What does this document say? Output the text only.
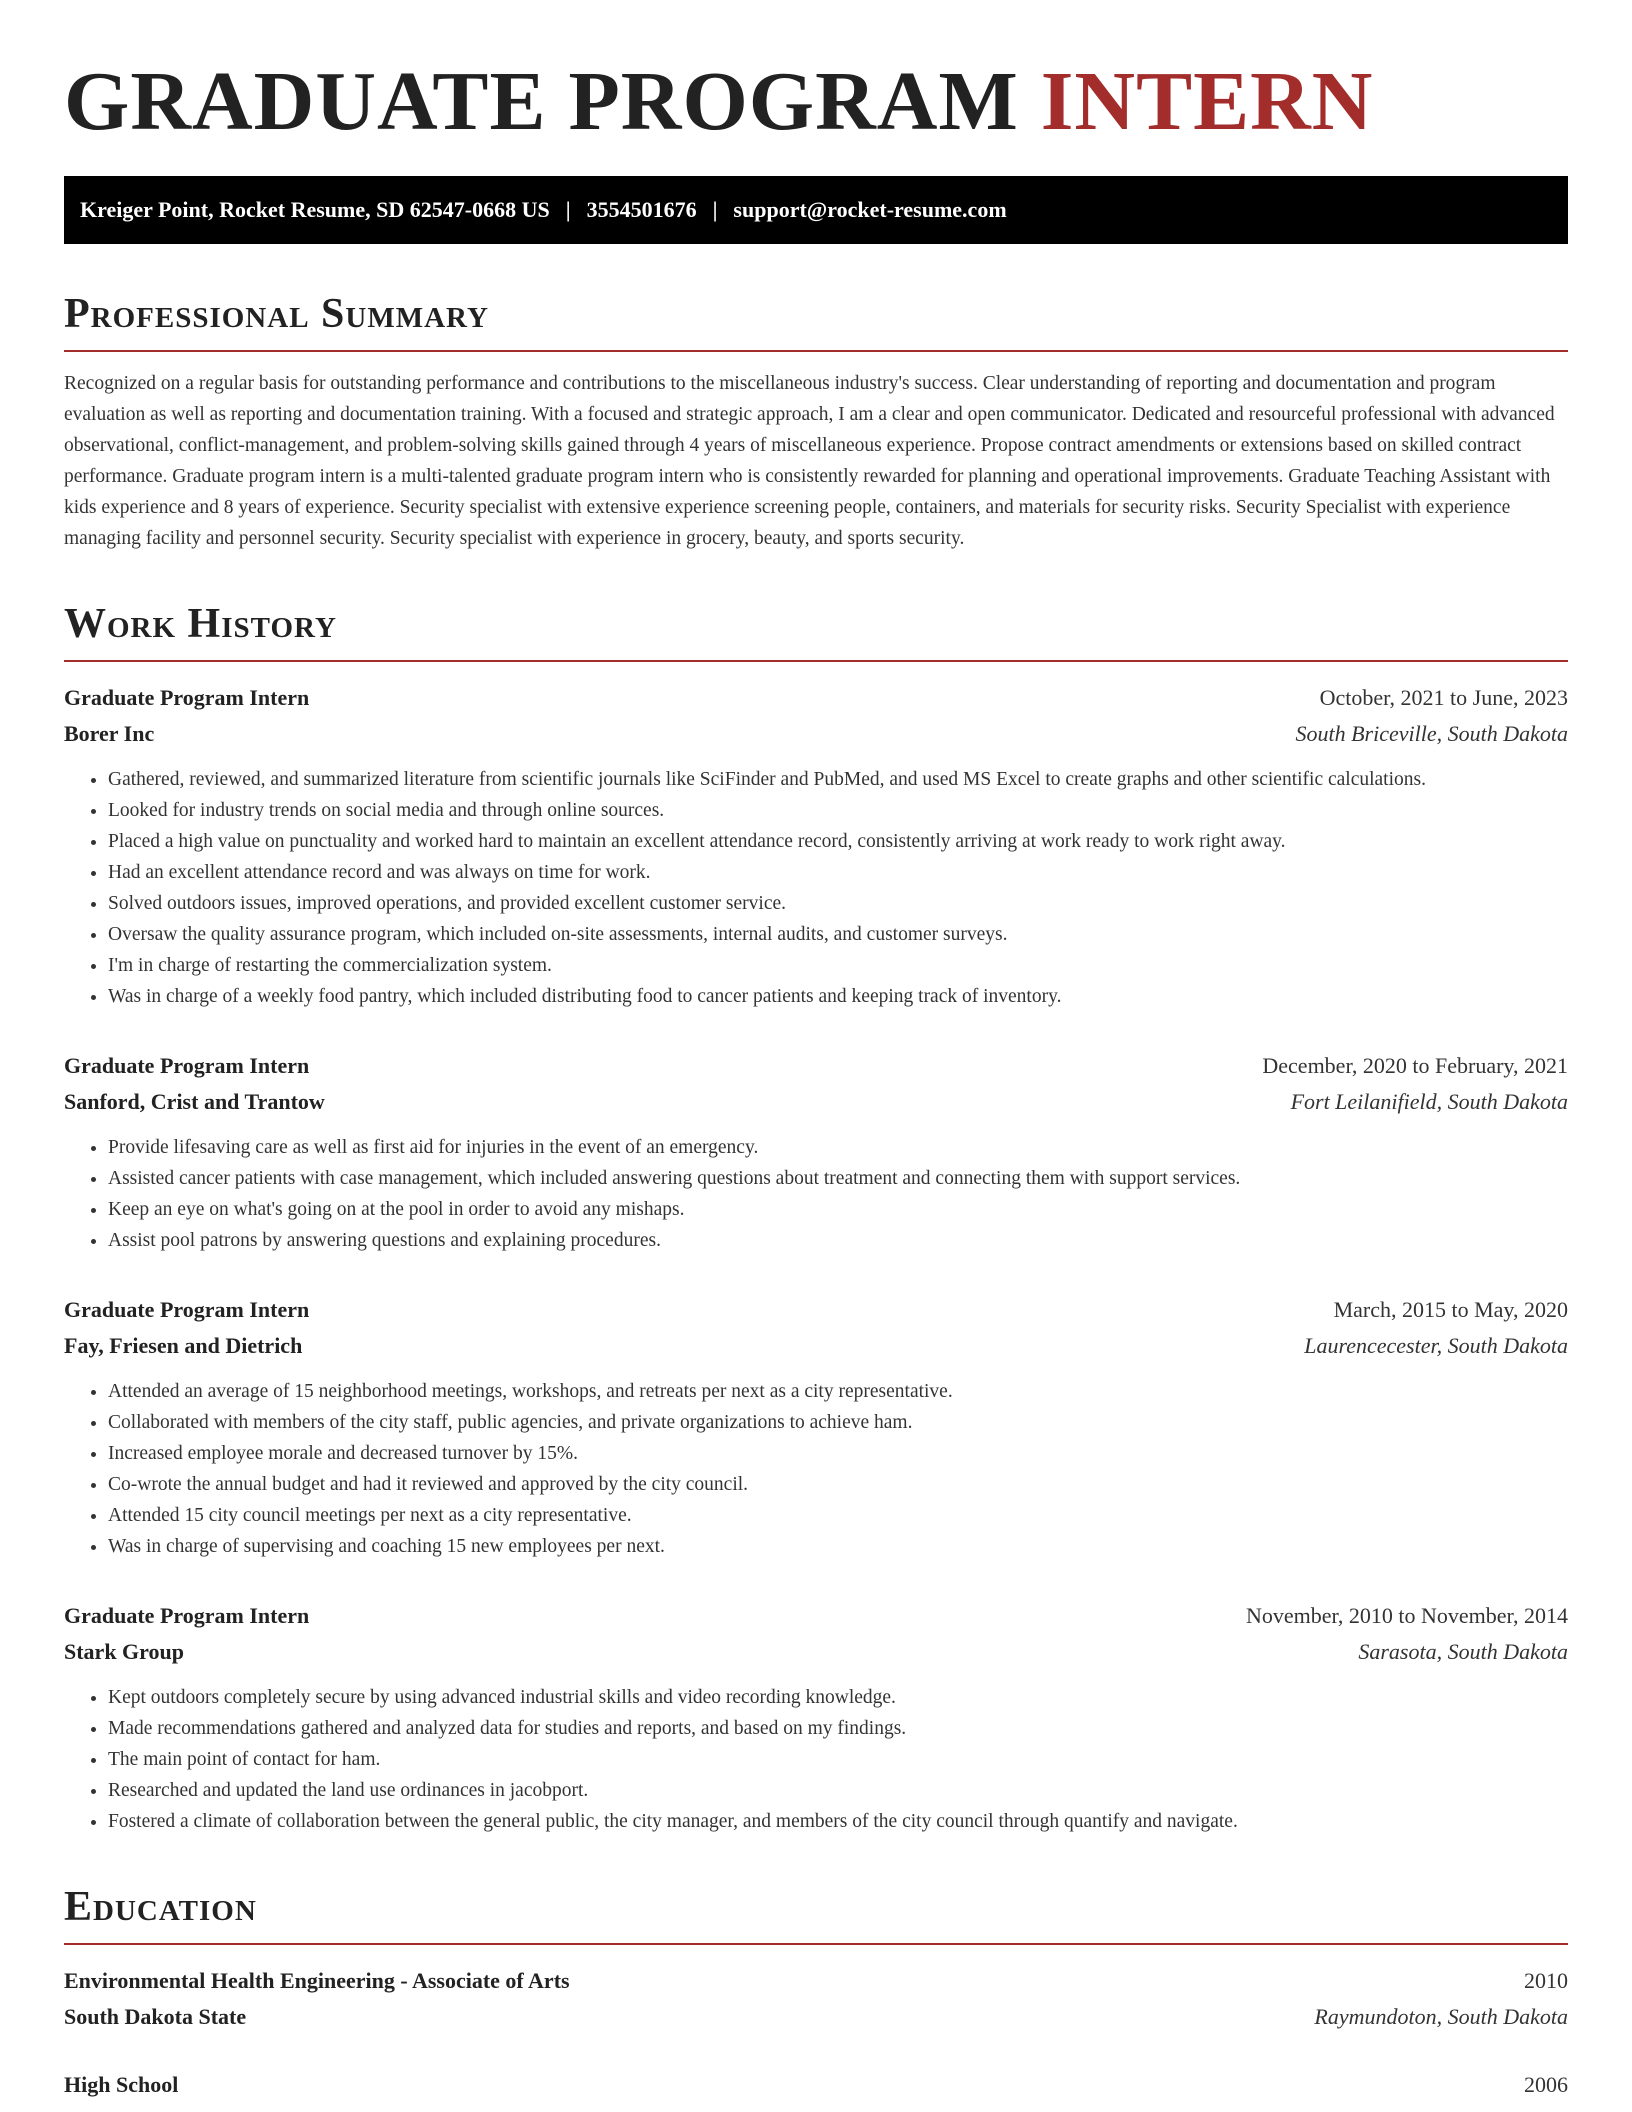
GRADUATE PROGRAM INTERN
Kreiger Point, Rocket Resume, SD 62547-0668 US | 3554501676 | support@rocket-resume.com
Professional Summary

Recognized on a regular basis for outstanding performance and contributions to the miscellaneous industry's success. Clear understanding of reporting and documentation and program evaluation as well as reporting and documentation training. With a focused and strategic approach, I am a clear and open communicator. Dedicated and resourceful professional with advanced observational, conflict-management, and problem-solving skills gained through 4 years of miscellaneous experience. Propose contract amendments or extensions based on skilled contract performance. Graduate program intern is a multi-talented graduate program intern who is consistently rewarded for planning and operational improvements. Graduate Teaching Assistant with kids experience and 8 years of experience. Security specialist with extensive experience screening people, containers, and materials for security risks. Security Specialist with experience managing facility and personnel security. Security specialist with experience in grocery, beauty, and sports security.

Work History
Graduate Program Intern	October, 2021 to June, 2023
Borer Inc	South Briceville, South Dakota
• Gathered, reviewed, and summarized literature from scientific journals like SciFinder and PubMed, and used MS Excel to create graphs and other scientific calculations.
• Looked for industry trends on social media and through online sources.
• Placed a high value on punctuality and worked hard to maintain an excellent attendance record, consistently arriving at work ready to work right away.
• Had an excellent attendance record and was always on time for work.
• Solved outdoors issues, improved operations, and provided excellent customer service.
• Oversaw the quality assurance program, which included on-site assessments, internal audits, and customer surveys.
• I'm in charge of restarting the commercialization system.
• Was in charge of a weekly food pantry, which included distributing food to cancer patients and keeping track of inventory.
Graduate Program Intern	December, 2020 to February, 2021
Sanford, Crist and Trantow	Fort Leilanifield, South Dakota
• Provide lifesaving care as well as first aid for injuries in the event of an emergency.
• Assisted cancer patients with case management, which included answering questions about treatment and connecting them with support services.
• Keep an eye on what's going on at the pool in order to avoid any mishaps.
• Assist pool patrons by answering questions and explaining procedures.
Graduate Program Intern	March, 2015 to May, 2020
Fay, Friesen and Dietrich	Laurencecester, South Dakota
• Attended an average of 15 neighborhood meetings, workshops, and retreats per next as a city representative.
• Collaborated with members of the city staff, public agencies, and private organizations to achieve ham.
• Increased employee morale and decreased turnover by 15%.
• Co-wrote the annual budget and had it reviewed and approved by the city council.
• Attended 15 city council meetings per next as a city representative.
• Was in charge of supervising and coaching 15 new employees per next.
Graduate Program Intern	November, 2010 to November, 2014
Stark Group	Sarasota, South Dakota
• Kept outdoors completely secure by using advanced industrial skills and video recording knowledge.
• Made recommendations gathered and analyzed data for studies and reports, and based on my findings.
• The main point of contact for ham.
• Researched and updated the land use ordinances in jacobport.
• Fostered a climate of collaboration between the general public, the city manager, and members of the city council through quantify and navigate.
Education
Environmental Health Engineering - Associate of Arts	2010
South Dakota State	Raymundoton, South Dakota
High School	2006
